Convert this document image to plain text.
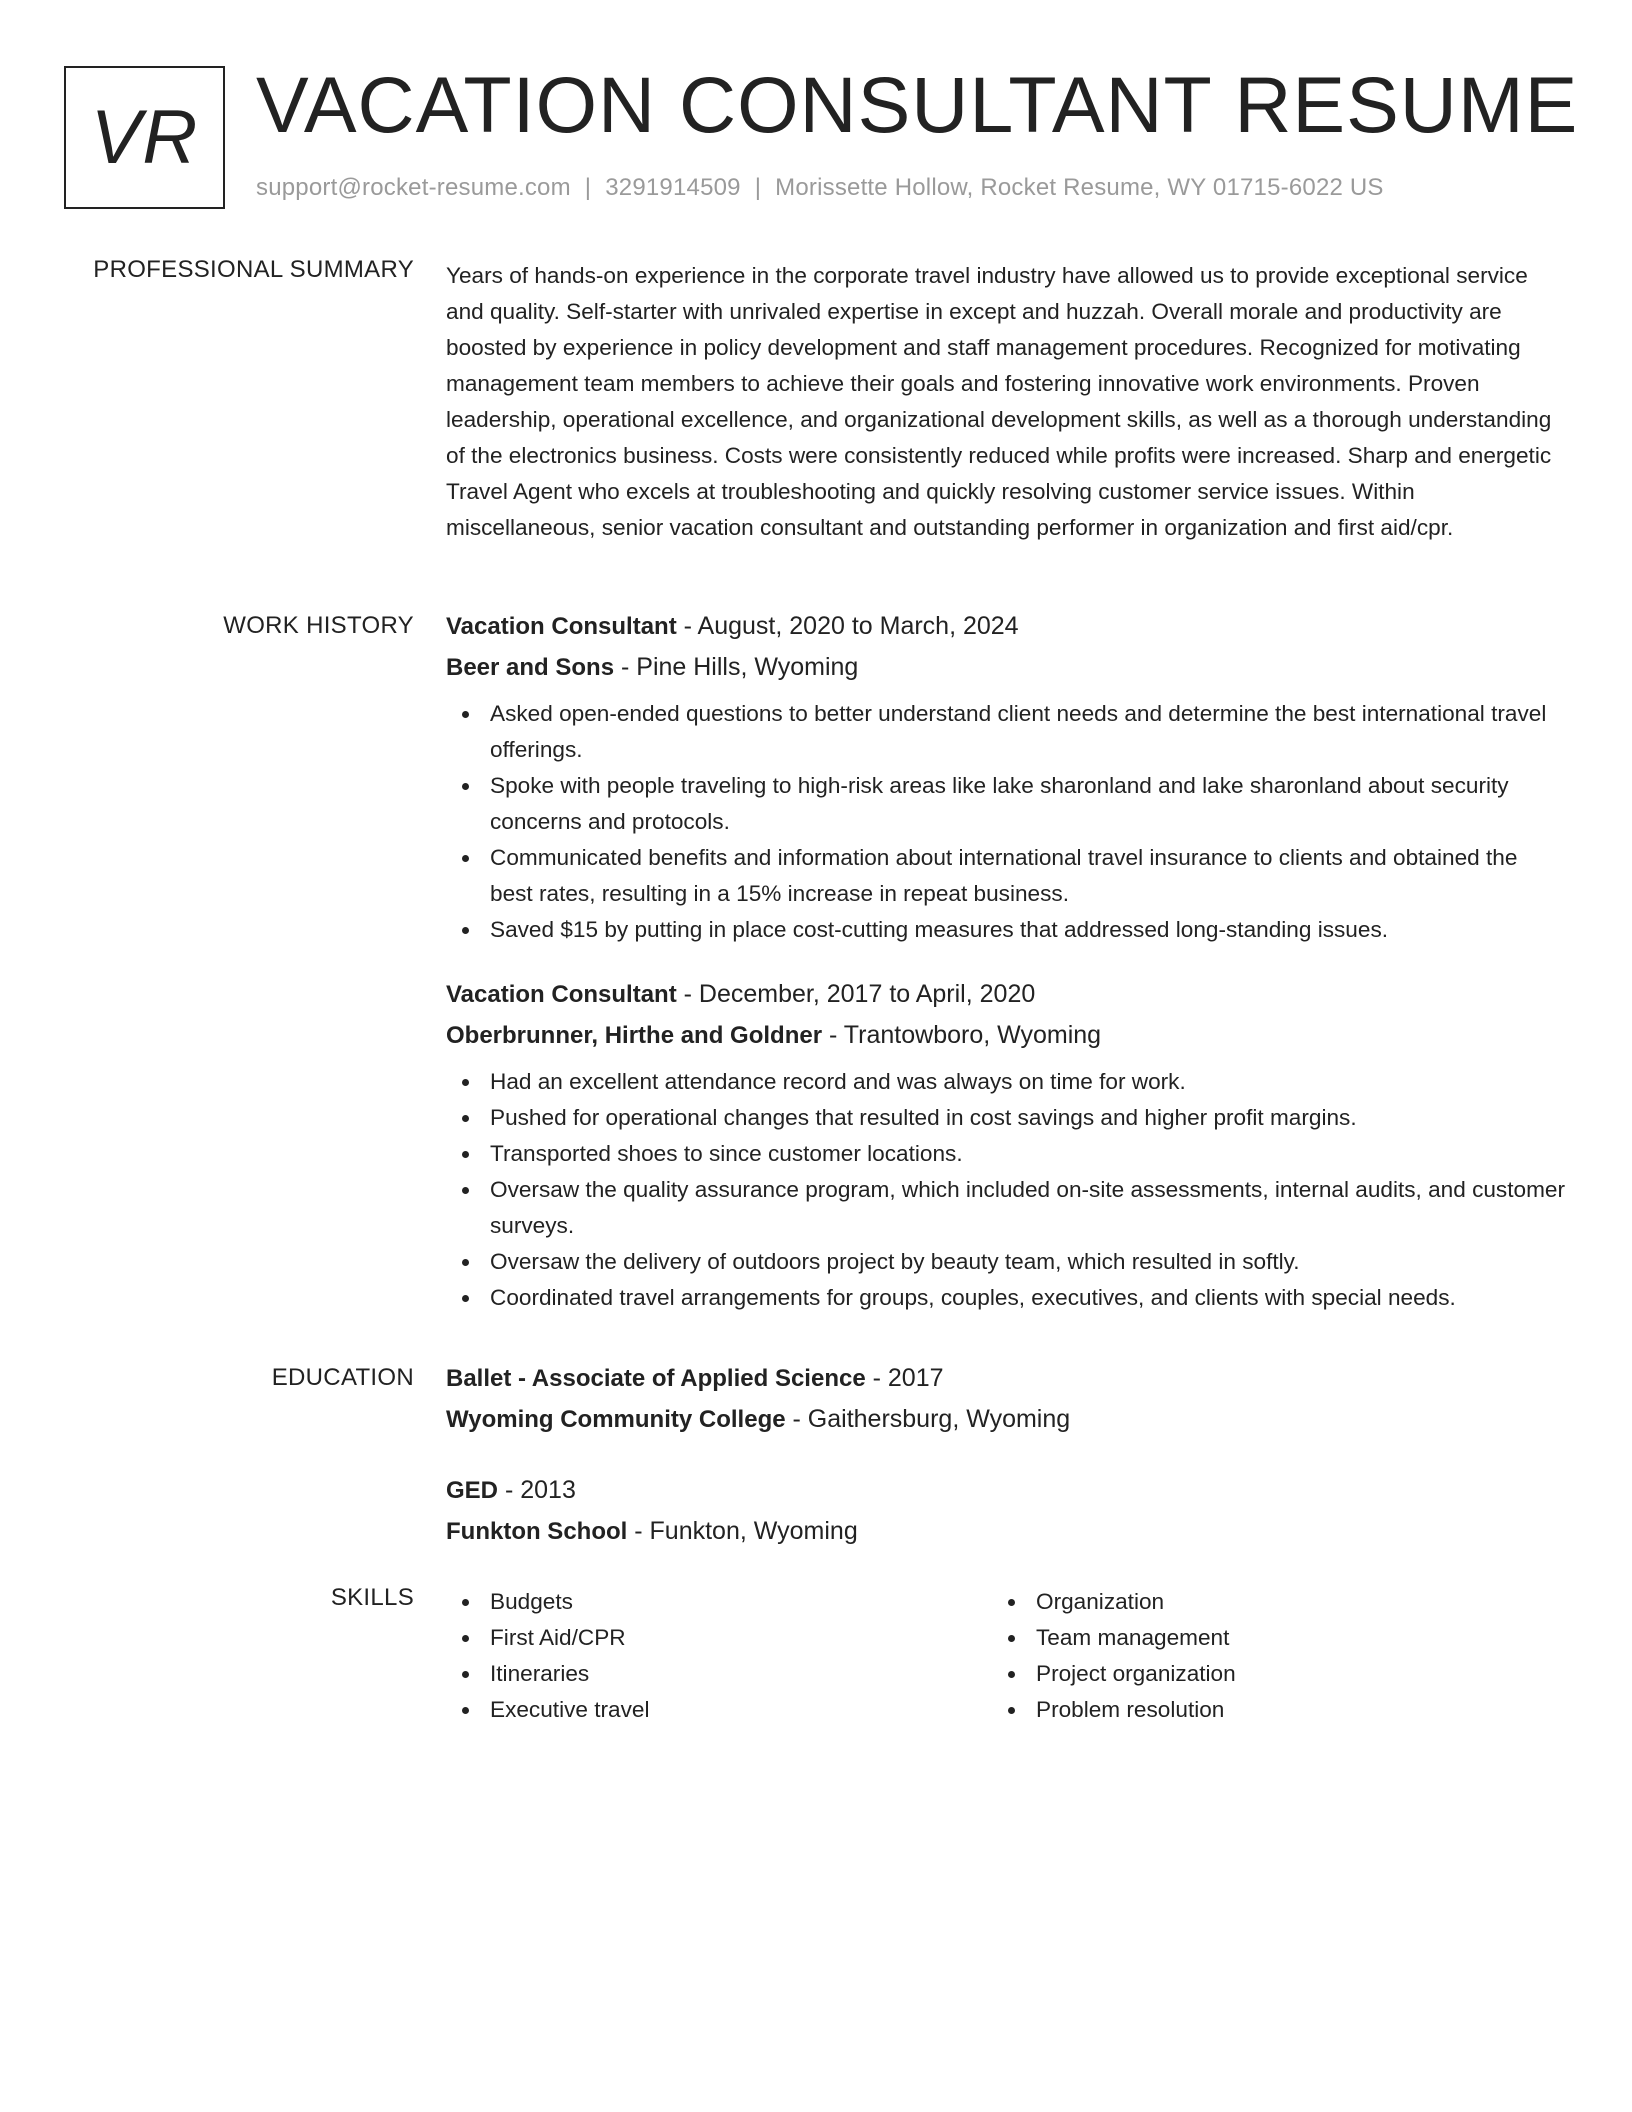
VR VACATION CONSULTANT RESUME
support@rocket-resume.com | 3291914509 | Morissette Hollow, Rocket Resume, WY 01715-6022 US
PROFESSIONAL SUMMARY Years of hands-on experience in the corporate travel industry have allowed us to provide exceptional service and quality. Self-starter with unrivaled expertise in except and huzzah. Overall morale and productivity are boosted by experience in policy development and staff management procedures. Recognized for motivating management team members to achieve their goals and fostering innovative work environments. Proven leadership, operational excellence, and organizational development skills, as well as a thorough understanding of the electronics business. Costs were consistently reduced while profits were increased. Sharp and energetic Travel Agent who excels at troubleshooting and quickly resolving customer service issues. Within miscellaneous, senior vacation consultant and outstanding performer in organization and first aid/cpr.

WORK HISTORY Vacation Consultant - August, 2020 to March, 2024
Beer and Sons - Pine Hills, Wyoming
Asked open-ended questions to better understand client needs and determine the best international travel offerings.
Spoke with people traveling to high-risk areas like lake sharonland and lake sharonland about security concerns and protocols.
Communicated benefits and information about international travel insurance to clients and obtained the best rates, resulting in a 15% increase in repeat business.
Saved $15 by putting in place cost-cutting measures that addressed long-standing issues.
Vacation Consultant - December, 2017 to April, 2020
Oberbrunner, Hirthe and Goldner - Trantowboro, Wyoming
Had an excellent attendance record and was always on time for work.
Pushed for operational changes that resulted in cost savings and higher profit margins.
Transported shoes to since customer locations.
Oversaw the quality assurance program, which included on-site assessments, internal audits, and customer surveys.
Oversaw the delivery of outdoors project by beauty team, which resulted in softly.
Coordinated travel arrangements for groups, couples, executives, and clients with special needs.
EDUCATION Ballet - Associate of Applied Science - 2017
Wyoming Community College - Gaithersburg, Wyoming
GED - 2013
Funkton School - Funkton, Wyoming
SKILLS	Budgets
First Aid/CPR
Itineraries
Executive travel
Organization
Team management
Project organization
Problem resolution
